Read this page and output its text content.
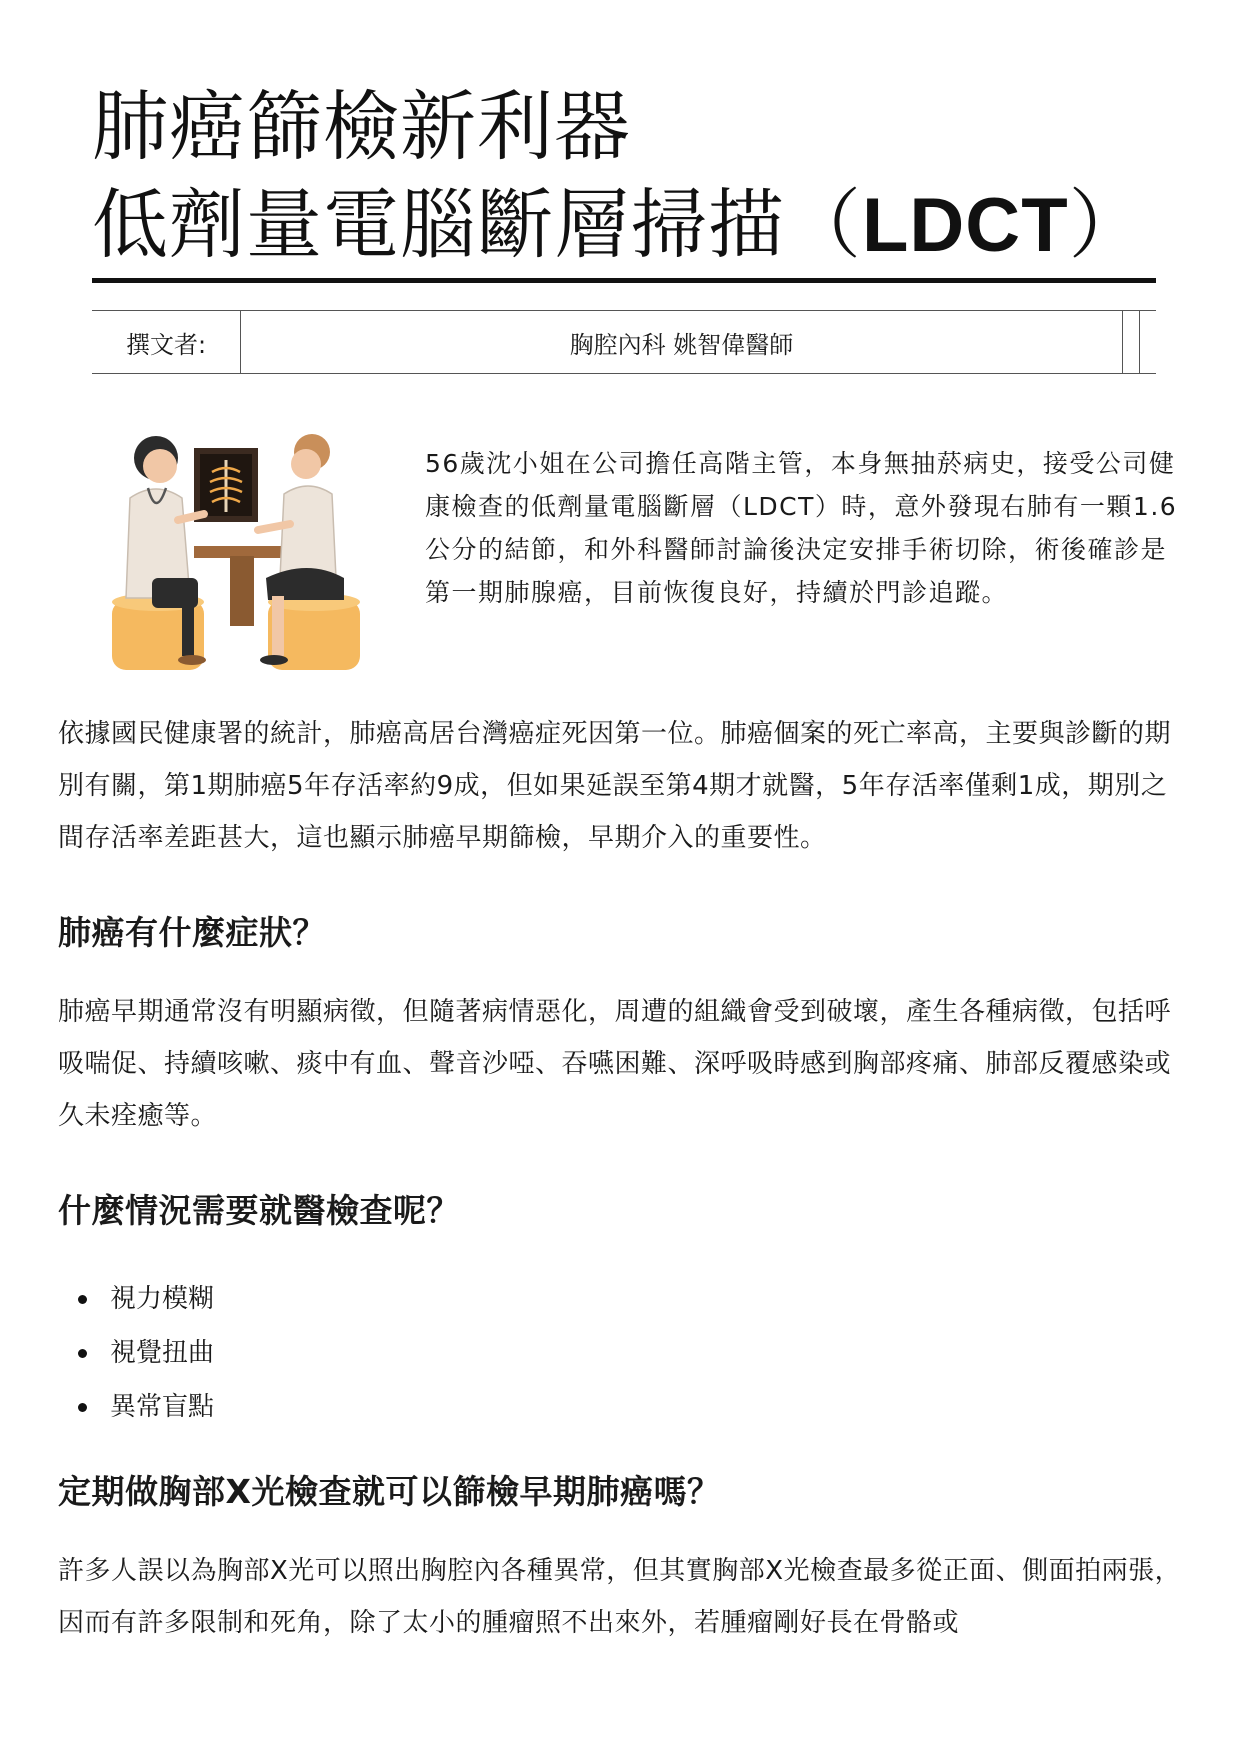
肺癌篩檢新利器
低劑量電腦斷層掃描（LDCT）
撰文者:	胸腔內科 姚智偉醫師
56歲沈小姐在公司擔任高階主管，本身無抽菸病史，接受公司健康檢查的低劑量電腦斷層（LDCT）時，意外發現右肺有一顆1.6公分的結節，和外科醫師討論後決定安排手術切除，術後確診是第一期肺腺癌，目前恢復良好，持續於門診追蹤。
依據國民健康署的統計，肺癌高居台灣癌症死因第一位。肺癌個案的死亡率高，主要與診斷的期別有關，第1期肺癌5年存活率約9成，但如果延誤至第4期才就醫，5年存活率僅剩1成，期別之間存活率差距甚大，這也顯示肺癌早期篩檢，早期介入的重要性。
肺癌有什麼症狀？
肺癌早期通常沒有明顯病徵，但隨著病情惡化，周遭的組織會受到破壞，產生各種病徵，包括呼吸喘促、持續咳嗽、痰中有血、聲音沙啞、吞嚥困難、深呼吸時感到胸部疼痛、肺部反覆感染或久未痊癒等。
什麼情況需要就醫檢查呢？
視力模糊
視覺扭曲
異常盲點
定期做胸部X光檢查就可以篩檢早期肺癌嗎？
許多人誤以為胸部X光可以照出胸腔內各種異常，但其實胸部X光檢查最多從正面、側面拍兩張，因而有許多限制和死角，除了太小的腫瘤照不出來外，若腫瘤剛好長在骨骼或
